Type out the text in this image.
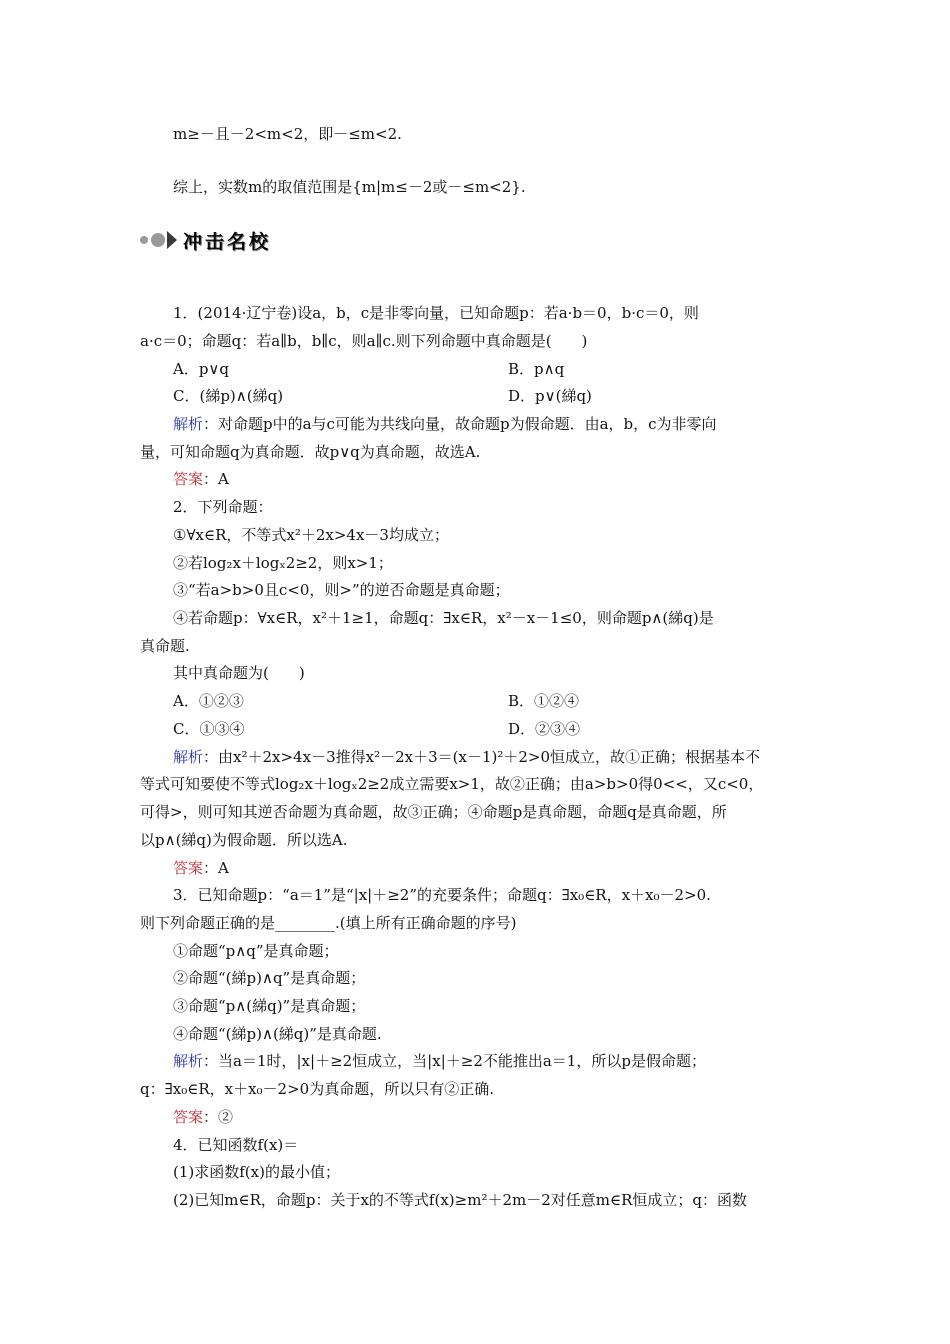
m≥－且－2<m<2，即－≤m<2.
综上，实数m的取值范围是{m|m≤－2或－≤m<2}.
冲击名校
1．(2014·辽宁卷)设a，b，c是非零向量，已知命题p：若a·b＝0，b·c＝0，则
a·c＝0；命题q：若a∥b，b∥c，则a∥c.则下列命题中真命题是(　　)
A．p∨q	B．p∧q
C．(綈p)∧(綈q)	D．p∨(綈q)
解析：对命题p中的a与c可能为共线向量，故命题p为假命题．由a，b，c为非零向
量，可知命题q为真命题．故p∨q为真命题，故选A.
答案：A
2．下列命题：
①∀x∈R，不等式x²＋2x>4x－3均成立；
②若log₂x＋logₓ2≥2，则x>1；
③“若a>b>0且c<0，则>”的逆否命题是真命题；
④若命题p：∀x∈R，x²＋1≥1，命题q：∃x∈R，x²－x－1≤0，则命题p∧(綈q)是
真命题.
其中真命题为(　　)
A．①②③	B．①②④
C．①③④	D．②③④
解析：由x²＋2x>4x－3推得x²－2x＋3＝(x－1)²＋2>0恒成立，故①正确；根据基本不
等式可知要使不等式log₂x＋logₓ2≥2成立需要x>1，故②正确；由a>b>0得0<<，又c<0，
可得>，则可知其逆否命题为真命题，故③正确；④命题p是真命题，命题q是真命题，所
以p∧(綈q)为假命题．所以选A.
答案：A
3．已知命题p：“a＝1”是“|x|＋≥2”的充要条件；命题q：∃x₀∈R，x＋x₀－2>0.
则下列命题正确的是________.(填上所有正确命题的序号)
①命题“p∧q”是真命题；
②命题“(綈p)∧q”是真命题；
③命题“p∧(綈q)”是真命题；
④命题“(綈p)∧(綈q)”是真命题.
解析：当a＝1时，|x|＋≥2恒成立，当|x|＋≥2不能推出a＝1，所以p是假命题；
q：∃x₀∈R，x＋x₀－2>0为真命题，所以只有②正确.
答案：②
4．已知函数f(x)＝
(1)求函数f(x)的最小值；
(2)已知m∈R，命题p：关于x的不等式f(x)≥m²＋2m－2对任意m∈R恒成立；q：函数
